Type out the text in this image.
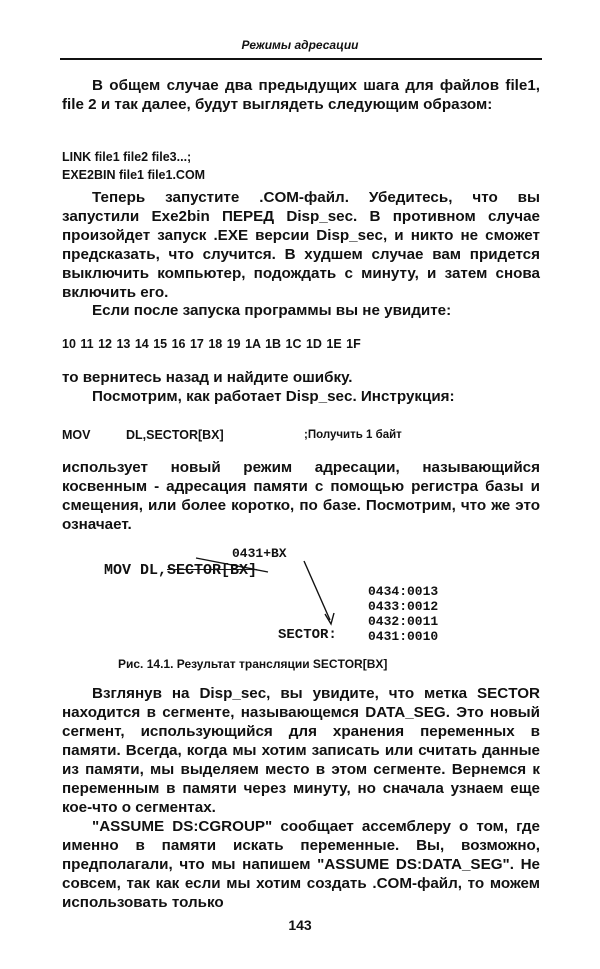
Режимы адресации

В общем случае два предыдущих шага для файлов file1, file 2 и так далее, будут выглядеть следующим образом:

LINK file1 file2 file3...;

EXE2BIN file1 file1.COM

Теперь запустите .COM-файл. Убедитесь, что вы запустили Exe2bin ПЕРЕД Disp_sec. В противном случае произойдет запуск .EXE версии Disp_sec, и никто не сможет предсказать, что случится. В худшем случае вам придется выключить компьютер, подождать с минуту, и затем снова включить его.

Если после запуска программы вы не увидите:

10 11 12 13 14 15 16 17 18 19 1A 1B 1C 1D 1E 1F

то вернитесь назад и найдите ошибку.

Посмотрим, как работает Disp_sec. Инструкция:

MOV	DL,SECTOR[BX]	;Получить 1 байт

использует новый режим адресации, называющийся косвенным - адресация памяти с помощью регистра базы и смещения, или более коротко, по базе. Посмотрим, что же это означает.

0431+BX

MOV DL,SECTOR[BX]

0434:0013

0433:0012

0432:0011

SECTOR: 0431:0010

Рис. 14.1. Результат трансляции SECTOR[BX]

Взглянув на Disp_sec, вы увидите, что метка SECTOR находится в сегменте, называющемся DATA_SEG. Это новый сегмент, использующийся для хранения переменных в памяти. Всегда, когда мы хотим записать или считать данные из памяти, мы выделяем место в этом сегменте. Вернемся к переменным в памяти через минуту, но сначала узнаем еще кое-что о сегментах.

"ASSUME DS:CGROUP" сообщает ассемблеру о том, где именно в памяти искать переменные. Вы, возможно, предполагали, что мы напишем "ASSUME DS:DATA_SEG". Не совсем, так как если мы хотим создать .COM-файл, то можем использовать только

143
